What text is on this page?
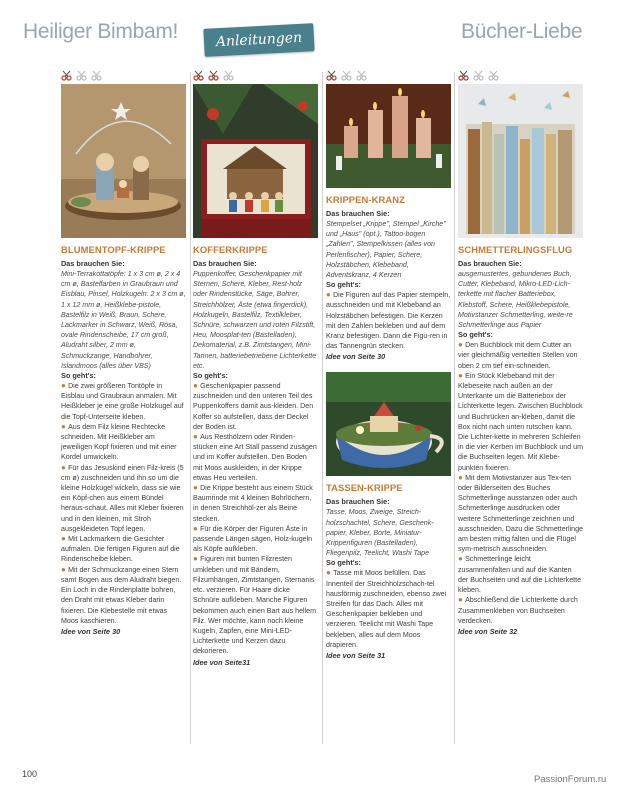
Heiliger Bimbam!	Anleitungen	Bücher-Liebe
BLUMENTOPF-KRIPPE
Das brauchen Sie:
Mini-Terrakottatöpfe: 1 x 3 cm ø, 2 x 4 cm ø, Bastelfarben in Graubraun und Eisblau, Pinsel, Holzkugeln: 2 x 3 cm ø, 1 x 12 mm ø, Heißklebe-pistole, Bastelfilz in Weiß, Braun, Schere, Lackmarker in Schwarz, Weiß, Rosa, ovale Rindenscheibe, 17 cm groß, Aludraht silber, 2 mm ø, Schmuckzange, Handbohrer, Islandmoos (alles über VBS)
So geht's:
● Die zwei größeren Tontöpfe in Eisblau und Graubraun anmalen. Mit Heißkleber je eine große Holzkugel auf die Topf-Unterseite kleben.
● Aus dem Filz kleine Rechtecke schneiden. Mit Heißkleber am jeweiligen Kopf fixieren und mit einer Kordel umwickeln.
● Für das Jesuskind einen Filz-kreis (5 cm ø) zuschneiden und ihn so um die kleine Holzkugel wickeln, dass sie wie ein Köpf-chen aus einem Bündel heraus-schaut. Alles mit Kleber fixieren und in den kleinen, mit Stroh ausgekleideten Topf legen.
● Mit Lackmarkern die Gesichter aufmalen. Die fertigen Figuren auf die Rindenscheibe kleben.
● Mit der Schmuckzange einen Stern samt Bogen aus dem Aludraht biegen. Ein Loch in die Rindenplatte bohren, den Draht mit etwas Kleber darin fixieren. Die Klebestelle mit etwas Moos kaschieren.
Idee von Seite 30
KOFFERKRIPPE
Das brauchen Sie:
Puppenkoffer, Geschenkpapier mit Sternen, Schere, Kleber, Rest-holz oder Rindenstücke, Säge, Bohrer, Streichhölzer, Äste (etwa fingerdick), Holzkugeln, Bastelfilz, Textilkleber, Schnüre, schwarzen und roten Filzstift, Heu, Moosplat-ten (Bastelladen), Dekomaterial, z.B. Zimtstangen, Mini-Tannen, batteriebetriebene Lichterkette etc.
So geht's:
● Geschenkpapier passend zuschneiden und den unteren Teil des Puppenkoffers damit aus-kleiden. Den Koffer so aufstellen, dass der Deckel der Boden ist.
● Aus Resthölzern oder Rinden-stücken eine Art Stall passend zusägen und im Koffer aufstellen. Den Boden mit Moos auskleiden, in der Krippe etwas Heu verteilen.
● Die Krippe besteht aus einem Stück Baumrinde mit 4 kleinen Bohrlöchern, in denen Streichhöl-zer als Beine stecken.
● Für die Körper der Figuren Äste in passende Längen sägen, Holz-kugeln als Köpfe aufkleben.
● Figuren mit bunten Filzresten umkleben und mit Bändern, Filzumhängen, Zimtstangen, Sternanis etc. verzieren. Für Haare dicke Schnüre aufkleben. Manche Figuren bekommen auch einen Bart aus hellem Filz. Wer möchte, kann noch kleine Kugeln, Zapfen, eine Mini-LED-Lichterkette und Kerzen dazu dekorieren.
Idee von Seite31
KRIPPEN-KRANZ
Das brauchen Sie:
Stempelset „Krippe", Stempel „Kirche" und „Haus" (opt.), Tattoo-bogen „Zahlen", Stempelkissen (alles von Perlenfischer), Papier, Schere, Holzstäbchen, Klebeband, Adventskranz, 4 Kerzen
So geht's:
● Die Figuren auf das Papier stempeln, ausschneiden und mit Klebeband an Holzstäbchen befestigen. Die Kerzen mit den Zahlen bekleben und auf dem Kranz befestigen. Dann die Figu-ren in das Tannengrün stecken.
Idee von Seite 30
TASSEN-KRIPPE
Das brauchen Sie:
Tasse, Moos, Zweige, Streich-holzschachtel, Schere, Geschenk-papier, Kleber, Borte, Miniatur-Krippenfiguren (Bastelladen), Fliegenpilz, Teelicht, Washi Tape
So geht's:
● Tasse mit Moos befüllen. Das Innenteil der Streichholzschach-tel hausförmig zuschneiden, ebenso zwei Streifen für das Dach. Alles mit Geschenkpapier bekleben und verzieren. Teelicht mit Washi Tape bekleben, alles auf dem Moos drapieren.
Idee von Seite 31
SCHMETTERLINGSFLUG
Das brauchen Sie:
ausgemustertes, gebundenes Buch, Cutter, Klebeband, Mikro-LED-Lich-terkette mit flacher Batteriebox, Klebstoff, Schere, Heißklebepistole, Motivstanzer Schmetterling, weite-re Schmetterlinge aus Papier
So geht's:
● Den Buchblock mit dem Cutter an vier gleichmäßig verteilten Stellen von oben 2 cm tief ein-schneiden.
● Ein Stück Klebeband mit der Klebeseite nach außen an der Unterkante um die Batteriebox der Lichterkette legen. Zwischen Buchblock und Buchrücken an-kleben, damit die Box nicht nach unten rutschen kann. Die Lichter-kette in mehreren Schleifen in die vier Kerben im Buchblock und um die Buchseiten legen. Mit Klebe-punkten fixieren.
● Mit dem Motivstanzer aus Tex-ten oder Bilderseiten des Buches Schmetterlinge ausstanzen oder auch Schmetterlinge ausdrucken oder weitere Schmetterlinge zeichnen und ausschneiden. Dazu die Schmetterlinge am besten mittig falten und die Flügel sym-metrisch ausschneiden.
● Schmetterlinge leicht zusammenfalten und auf die Kanten der Buchseiten und auf die Lichterkette kleben.
● Abschließend die Lichterkette durch Zusammenkleben von Buchseiten verdecken.
Idee von Seite 32
100	PassionForum.ru
